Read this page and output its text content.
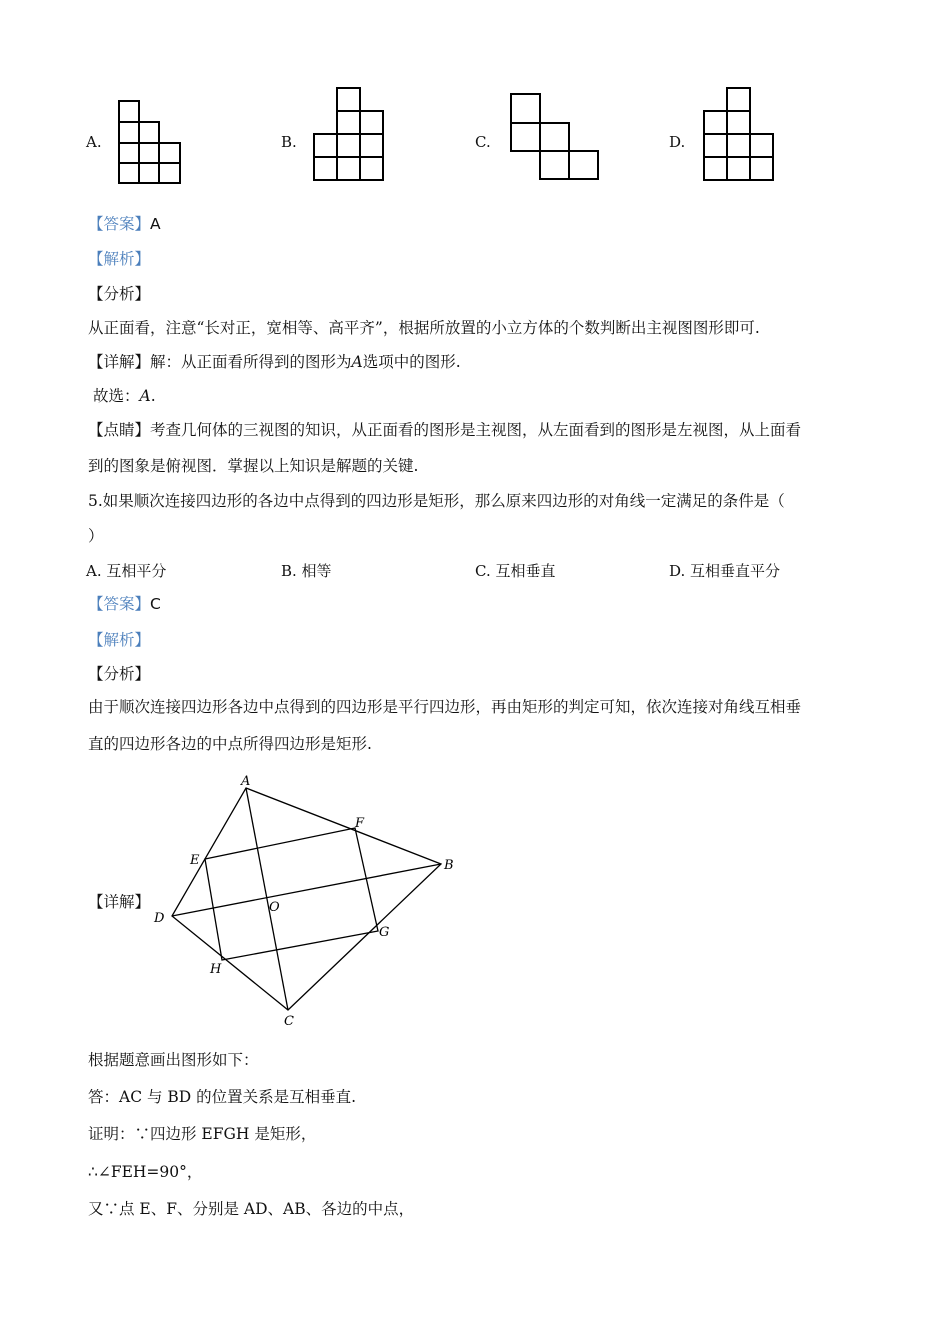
A.	B.	C.	D.
【答案】A
【解析】
【分析】
从正面看，注意“长对正，宽相等、高平齐”，根据所放置的小立方体的个数判断出主视图图形即可.
【详解】解：从正面看所得到的图形为A选项中的图形.
故选：A.
【点睛】考查几何体的三视图的知识，从正面看的图形是主视图，从左面看到的图形是左视图，从上面看
到的图象是俯视图．掌握以上知识是解题的关键.
5.如果顺次连接四边形的各边中点得到的四边形是矩形，那么原来四边形的对角线一定满足的条件是（
）
A. 互相平分	B. 相等	C. 互相垂直	D. 互相垂直平分
【答案】C
【解析】
【分析】
由于顺次连接四边形各边中点得到的四边形是平行四边形，再由矩形的判定可知，依次连接对角线互相垂
直的四边形各边的中点所得四边形是矩形.
【详解】
A
B
C
D
E
F
G
H
O
根据题意画出图形如下：
答：AC 与 BD 的位置关系是互相垂直.
证明：∵四边形 EFGH 是矩形，
∴∠FEH=90°，
又∵点 E、F、分别是 AD、AB、各边的中点，
